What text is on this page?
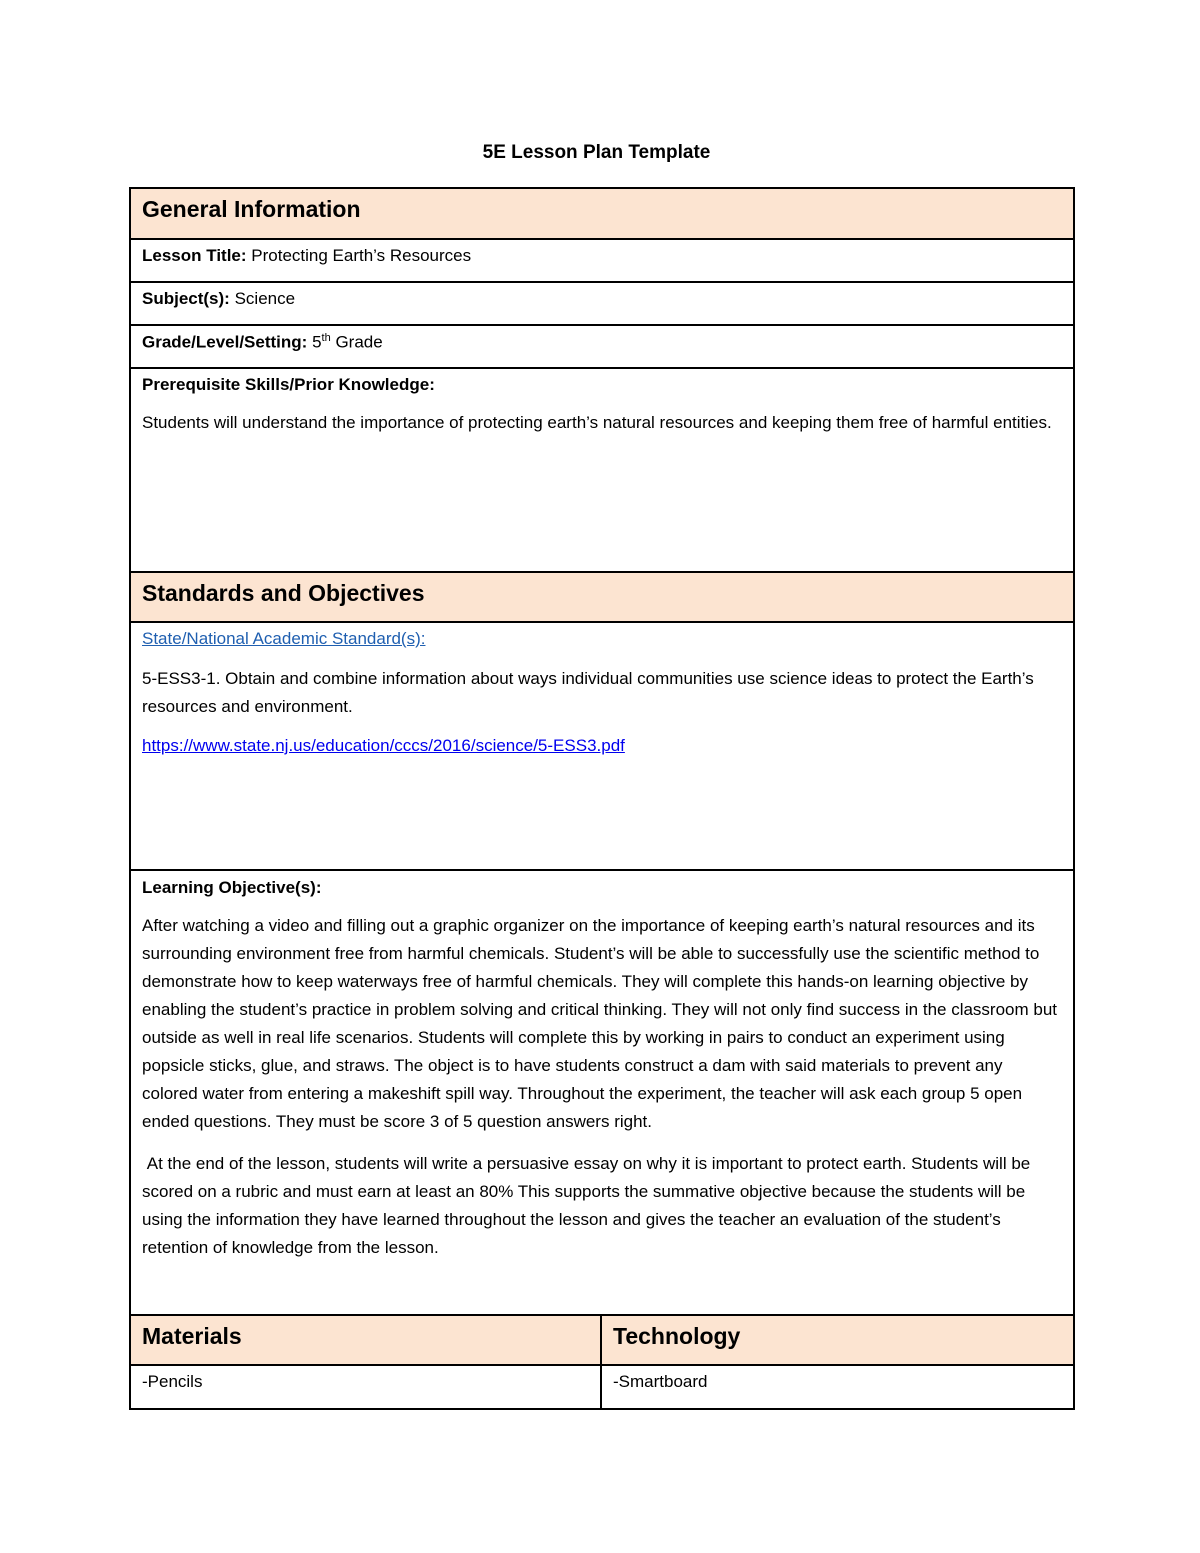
5E Lesson Plan Template
General Information
Lesson Title: Protecting Earth’s Resources
Subject(s): Science
Grade/Level/Setting: 5th Grade
Prerequisite Skills/Prior Knowledge:

Students will understand the importance of protecting earth’s natural resources and keeping them free of harmful entities.

Standards and Objectives
State/National Academic Standard(s):

5-ESS3-1. Obtain and combine information about ways individual communities use science ideas to protect the Earth’s resources and environment.

https://www.state.nj.us/education/cccs/2016/science/5-ESS3.pdf
Learning Objective(s):

After watching a video and filling out a graphic organizer on the importance of keeping earth’s natural resources and its surrounding environment free from harmful chemicals. Student’s will be able to successfully use the scientific method to demonstrate how to keep waterways free of harmful chemicals. They will complete this hands-on learning objective by enabling the student’s practice in problem solving and critical thinking. They will not only find success in the classroom but outside as well in real life scenarios. Students will complete this by working in pairs to conduct an experiment using popsicle sticks, glue, and straws. The object is to have students construct a dam with said materials to prevent any colored water from entering a makeshift spill way. Throughout the experiment, the teacher will ask each group 5 open ended questions. They must be score 3 of 5 question answers right.

At the end of the lesson, students will write a persuasive essay on why it is important to protect earth. Students will be scored on a rubric and must earn at least an 80% This supports the summative objective because the students will be using the information they have learned throughout the lesson and gives the teacher an evaluation of the student’s retention of knowledge from the lesson.

Materials	Technology
-Pencils	-Smartboard
